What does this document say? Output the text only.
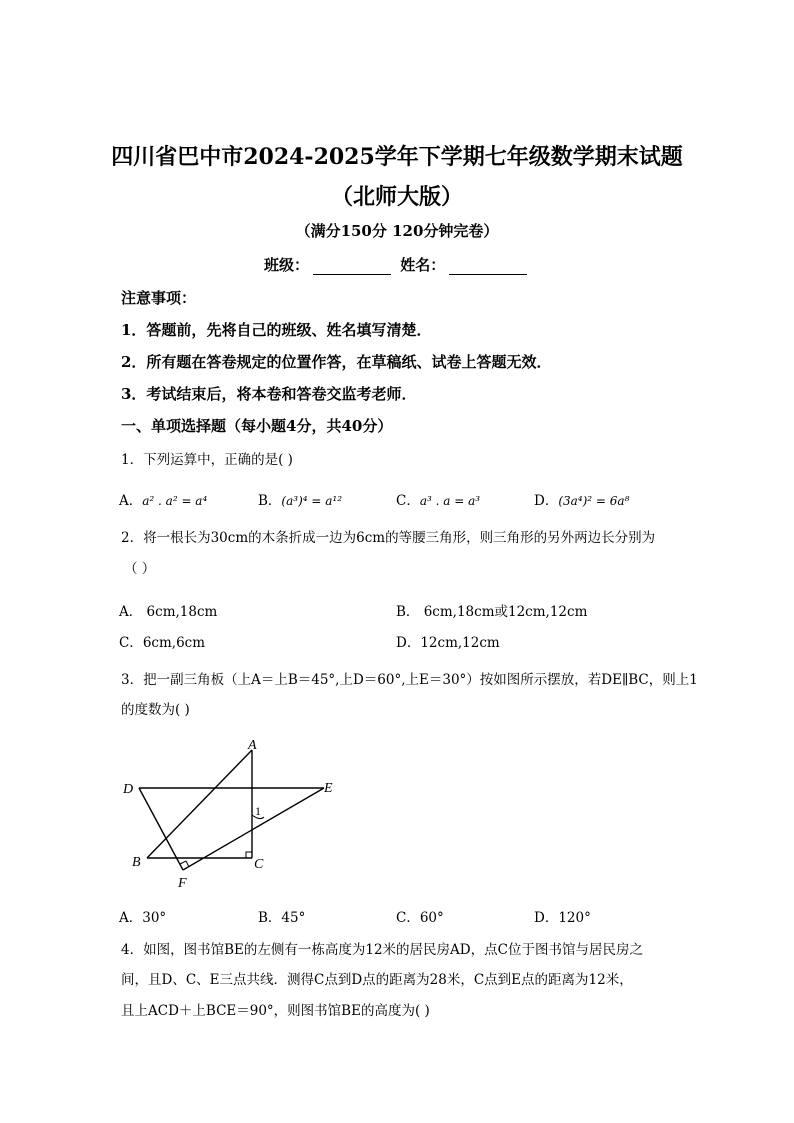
四川省巴中市2024-2025学年下学期七年级数学期末试题
（北师大版）
（满分150分 120分钟完卷）
班级：	姓名：
注意事项：
1．答题前，先将自己的班级、姓名填写清楚．
2．所有题在答卷规定的位置作答，在草稿纸、试卷上答题无效．
3．考试结束后，将本卷和答卷交监考老师．
一、单项选择题（每小题4分，共40分）
1．下列运算中，正确的是( )
A．a² . a² = a⁴	B．(a³)⁴ = a¹²	C．a³ . a = a³	D．(3a⁴)² = 6a⁸
2．将一根长为30cm的木条折成一边为6cm的等腰三角形，则三角形的另外两边长分别为
（ ）
A． 6cm,18cm	B． 6cm,18cm或12cm,12cm
C．6cm,6cm	D．12cm,12cm
3．把一副三角板（上A＝上B＝45°,上D＝60°,上E＝30°）按如图所示摆放，若DE∥BC，则上1
的度数为( )
A
D	E
B	C
F
1
A．30°	B．45°	C．60°	D．120°
4．如图，图书馆BE的左侧有一栋高度为12米的居民房AD，点C位于图书馆与居民房之
间，且D、C、E三点共线．测得C点到D点的距离为28米，C点到E点的距离为12米，
且上ACD＋上BCE＝90°，则图书馆BE的高度为( )
